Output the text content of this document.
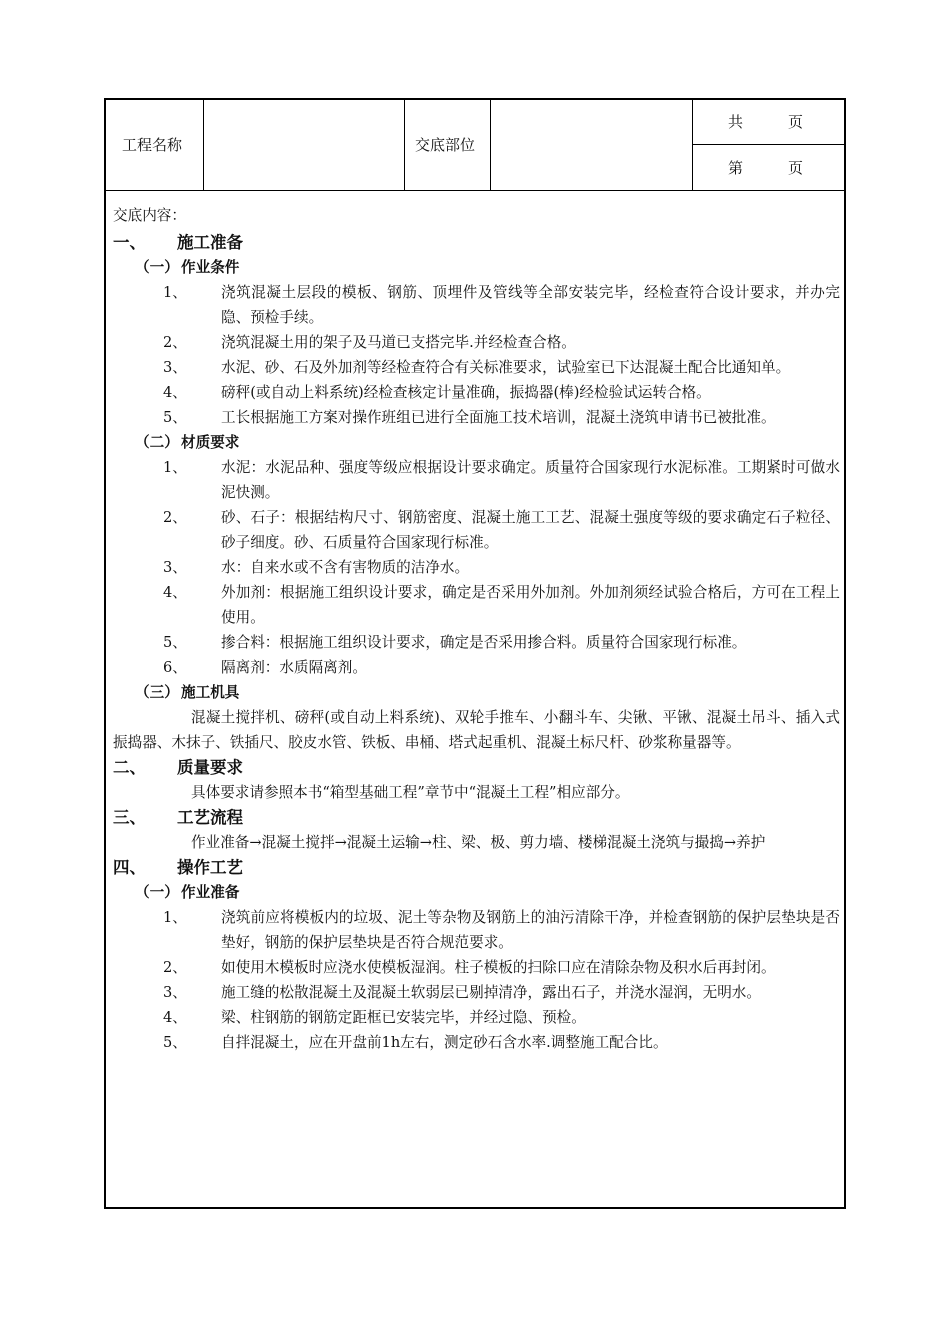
工程名称	交底部位
共　　　页
第　　　页
交底内容：
一、 施工准备
（一） 作业条件
1、 浇筑混凝土层段的模板、钢筋、顶埋件及管线等全部安装完毕，经检查符合设计要求，并办完隐、预检手续。
2、 浇筑混凝土用的架子及马道已支搭完毕.并经检查合格。
3、 水泥、砂、石及外加剂等经检查符合有关标准要求，试验室已下达混凝土配合比通知单。
4、 磅秤(或自动上料系统)经检查核定计量准确，振捣器(棒)经检验试运转合格。
5、 工长根据施工方案对操作班组已进行全面施工技术培训，混凝土浇筑申请书已被批准。
（二） 材质要求
1、 水泥：水泥品种、强度等级应根据设计要求确定。质量符合国家现行水泥标准。工期紧时可做水泥快测。
2、 砂、石子：根据结构尺寸、钢筋密度、混凝土施工工艺、混凝土强度等级的要求确定石子粒径、砂子细度。砂、石质量符合国家现行标准。
3、 水：自来水或不含有害物质的洁净水。
4、 外加剂：根据施工组织设计要求，确定是否采用外加剂。外加剂须经试验合格后，方可在工程上使用。
5、 掺合料：根据施工组织设计要求，确定是否采用掺合料。质量符合国家现行标准。
6、 隔离剂：水质隔离剂。
（三） 施工机具
混凝土搅拌机、磅秤(或自动上料系统)、双轮手推车、小翻斗车、尖锹、平锹、混凝土吊斗、插入式振捣器、木抹子、铁插尺、胶皮水管、铁板、串桶、塔式起重机、混凝土标尺杆、砂浆称量器等。
二、 质量要求
具体要求请参照本书“箱型基础工程”章节中“混凝土工程”相应部分。
三、 工艺流程
作业准备→混凝土搅拌→混凝土运输→柱、梁、极、剪力墙、楼梯混凝土浇筑与撮捣→养护
四、 操作工艺
（一） 作业准备
1、 浇筑前应将模板内的垃圾、泥土等杂物及钢筋上的油污清除干净，并检查钢筋的保护层垫块是否垫好，钢筋的保护层垫块是否符合规范要求。
2、 如使用木模板时应浇水使模板湿润。柱子模板的扫除口应在清除杂物及积水后再封闭。
3、 施工缝的松散混凝土及混凝土软弱层已剔掉清净，露出石子，并浇水湿润，无明水。
4、 梁、柱钢筋的钢筋定距框已安装完毕，并经过隐、预检。
5、 自拌混凝土，应在开盘前1h左右，测定砂石含水率.调整施工配合比。
